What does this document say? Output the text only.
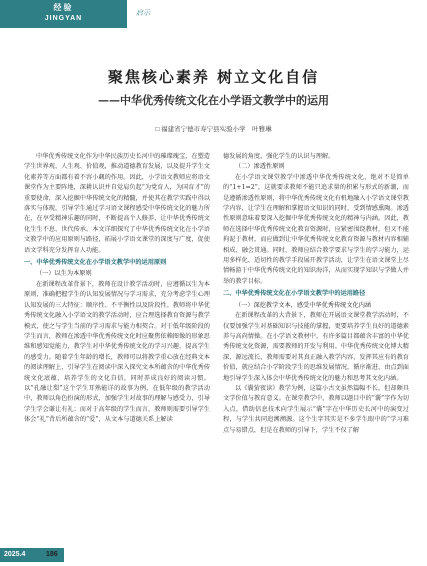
经验
JINGYAN
启示
聚焦核心素养 树立文化自信
——中华优秀传统文化在小学语文教学中的运用
□ 福建省宁德市寿宁县实验小学　叶雅琳

中华优秀传统文化作为中华民族历史长河中的璀璨瑰宝，在塑造学生世界观、人生观、价值观，推动道德教育发展，以及提升学生文化素养等方面都有着不容小觑的作用。因此，小学语文教师应将语文课堂作为主要阵地，深耕认识并自觉肩负起“为党育人，为国育才”的重要使命，深入挖掘中华传统文化的精髓，并使其在教学实践中得以落实与体现，引导学生通过学习语文课程感受中华传统文化的魅力所在，在享受精神乐趣的同时，不断提高个人修养，让中华优秀传统文化生生不息、世代传承。本文详细探究了中华优秀传统文化在小学语文教学中的应用原则与路径，拓展小学语文课堂的深度与广度，促使语文学科充分发挥育人功能。

一、中华优秀传统文化在小学语文教学中的运用原则

（一）以生为本原则

在新课程改革背景下，教师在设计教学活动时，应遵循以生为本原则，准确把握学生的认知发展情况与学习需求，充分考虑学生心理认知发展的三大特征：顺序性、不平衡性以及阶段性。教师将中华优秀传统文化融入小学语文的教学活动时，应合理选择教育资源与教学模式，使之与学生当前的学习需求与能力相契合。对于低年级阶段的学生而言，教师在渗透中华优秀传统文化时应聚焦依赖图像的形象思维和感知觉能力，教学生对中华优秀传统文化的学习兴趣，提高学生的感受力。随着学生年龄的增长，教师可以将教学重心放在经典文本的阅读理解上，引导学生在阅读中深入探究文本所蕴含的中华优秀传统文化底蕴，培养学生的文化自信，同时养成良好的阅读习惯。以“孔融让梨”这个学生耳熟能详的故事为例，在低年级的教学活动中，教师以角色扮演的形式，加强学生对故事的理解与感受力，引导学生学会谦让有礼；而对于高年级的学生而言，教师则需要引导学生体会“礼”背后所蕴含的“爱”，从文本与道德关系上解读

德发展的角度，强化学生的认识与理解。

（二）渗透性原则

在小学语文课堂教学中渗透中华优秀传统文化，绝对不是简单的“1+1=2”，这就要求教师不能只追求量的积累与形式的新潮，而是遵循渗透性原则，将中华优秀传统文化有机地融入小学语文课堂教学内容，让学生在理解和掌握语文知识的同时，受到情感熏陶。渗透性原则意味着要深入挖掘中华优秀传统文化的精神与内涵。因此，教师在选择中华优秀传统文化教育资源时，应紧密围绕教材，但又不能拘泥于教材，而应做到让中华优秀传统文化教育资源与教材内容相辅相成、融会贯通。同时，教师应结合教学要求与学生的学习能力，运用多样化、适切性的教学手段展开教学活动，让学生在语文课堂上尽情畅游于中华优秀传统文化的知识海洋，从而实现学知识与学做人并举的教学目标。

二、中华优秀传统文化在小学语文教学中的运用路径

（一）深挖教学文本，感受中华优秀传统文化内涵

在新课程改革的大背景下，教师在开展语文课堂教学活动时，不仅要加强学生对基础知识与技能的掌握，更要培养学生良好的道德素养与高尚情操。在小学语文教材中，有许多篇目都蕴含丰富的中华优秀传统文化资源，需要教师的开发与利用。中华优秀传统文化博大精深、源远流长，教师需要对其真正融入教学内容，发挥其应有的教育价值，就应结合小学阶段学生的思维发展情况，循序渐进、由点到面地引导学生深入体会中华优秀传统文化的魅力和思考其文化内涵。

以《囊萤夜读》教学为例，这篇小古文虽然篇幅不长，但却颇具文学价值与教育意义。在课堂教学中，教师以题目中的“囊”字作为切入点，借助信息技术向学生展示“囊”字在中华历史长河中的演变过程，与学生共同追溯溯源。这个生字其实是不多学生眼中的“学习难点与易错点，但是在教师的引导下，学生不仅了解

2025.4	186
